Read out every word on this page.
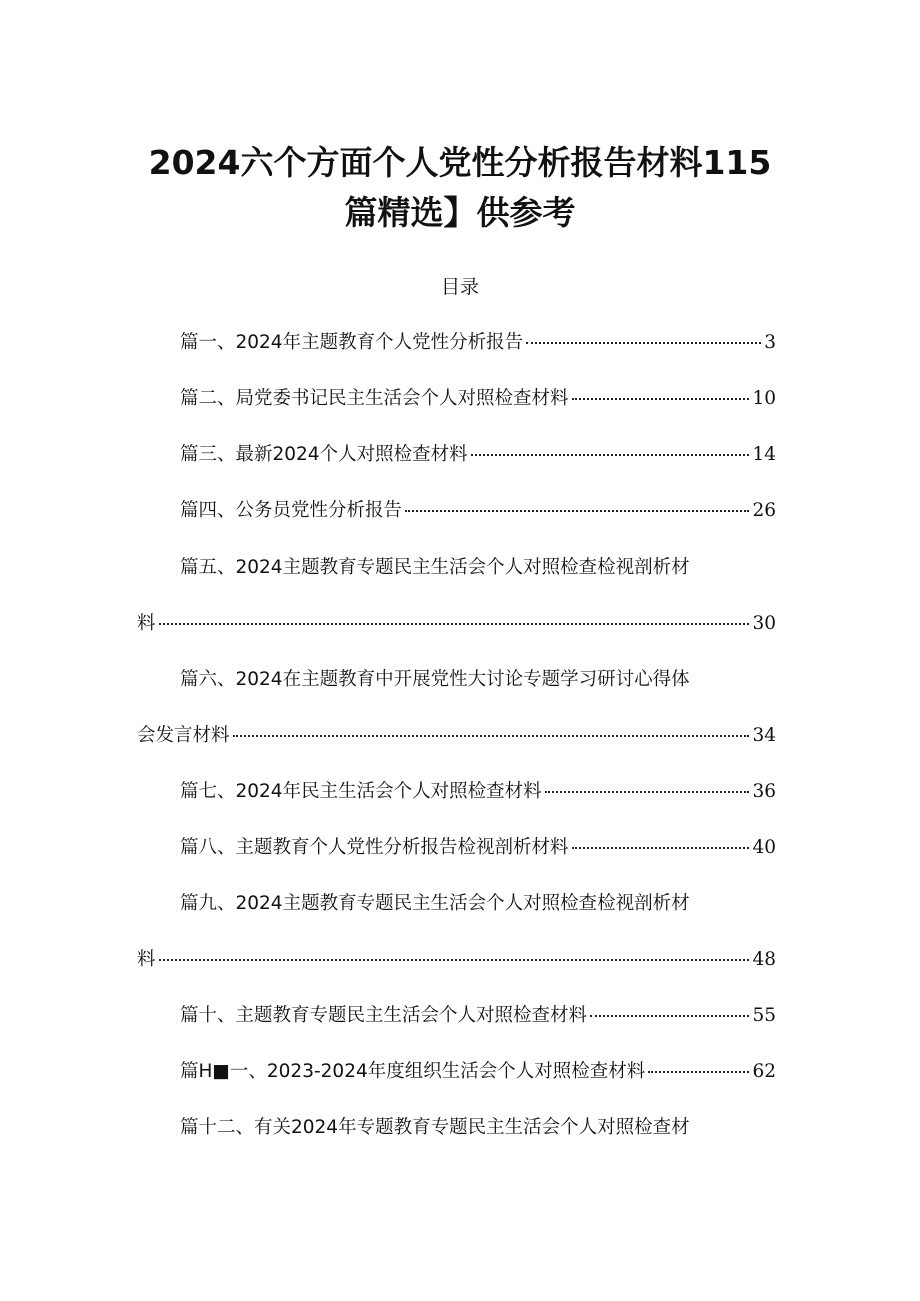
2024六个方面个人党性分析报告材料115
篇精选】供参考
目录
篇一、2024年主题教育个人党性分析报告	3
篇二、局党委书记民主生活会个人对照检查材料	10
篇三、最新2024个人对照检查材料	14
篇四、公务员党性分析报告	26
篇五、2024主题教育专题民主生活会个人对照检查检视剖析材
料	30
篇六、2024在主题教育中开展党性大讨论专题学习研讨心得体
会发言材料	34
篇七、2024年民主生活会个人对照检查材料	36
篇八、主题教育个人党性分析报告检视剖析材料	40
篇九、2024主题教育专题民主生活会个人对照检查检视剖析材
料	48
篇十、主题教育专题民主生活会个人对照检查材料	55
篇H■一、2023-2024年度组织生活会个人对照检查材料	62
篇十二、有关2024年专题教育专题民主生活会个人对照检查材
